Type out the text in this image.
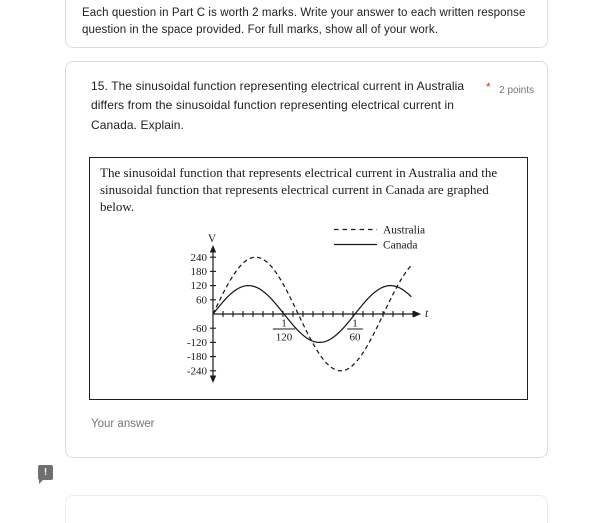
Each question in Part C is worth 2 marks. Write your answer to each written response
question in the space provided. For full marks, show all of your work.
15. The sinusoidal function representing electrical current in Australia
differs from the sinusoidal function representing electrical current in
Canada. Explain.
* 2 points
The sinusoidal function that represents electrical current in Australia and the
sinusoidal function that represents electrical current in Canada are graphed
below.
V
t
240
180
120
60
-60
-120
-180
-240
1
120
1
60
Australia
Canada
Your answer
!
